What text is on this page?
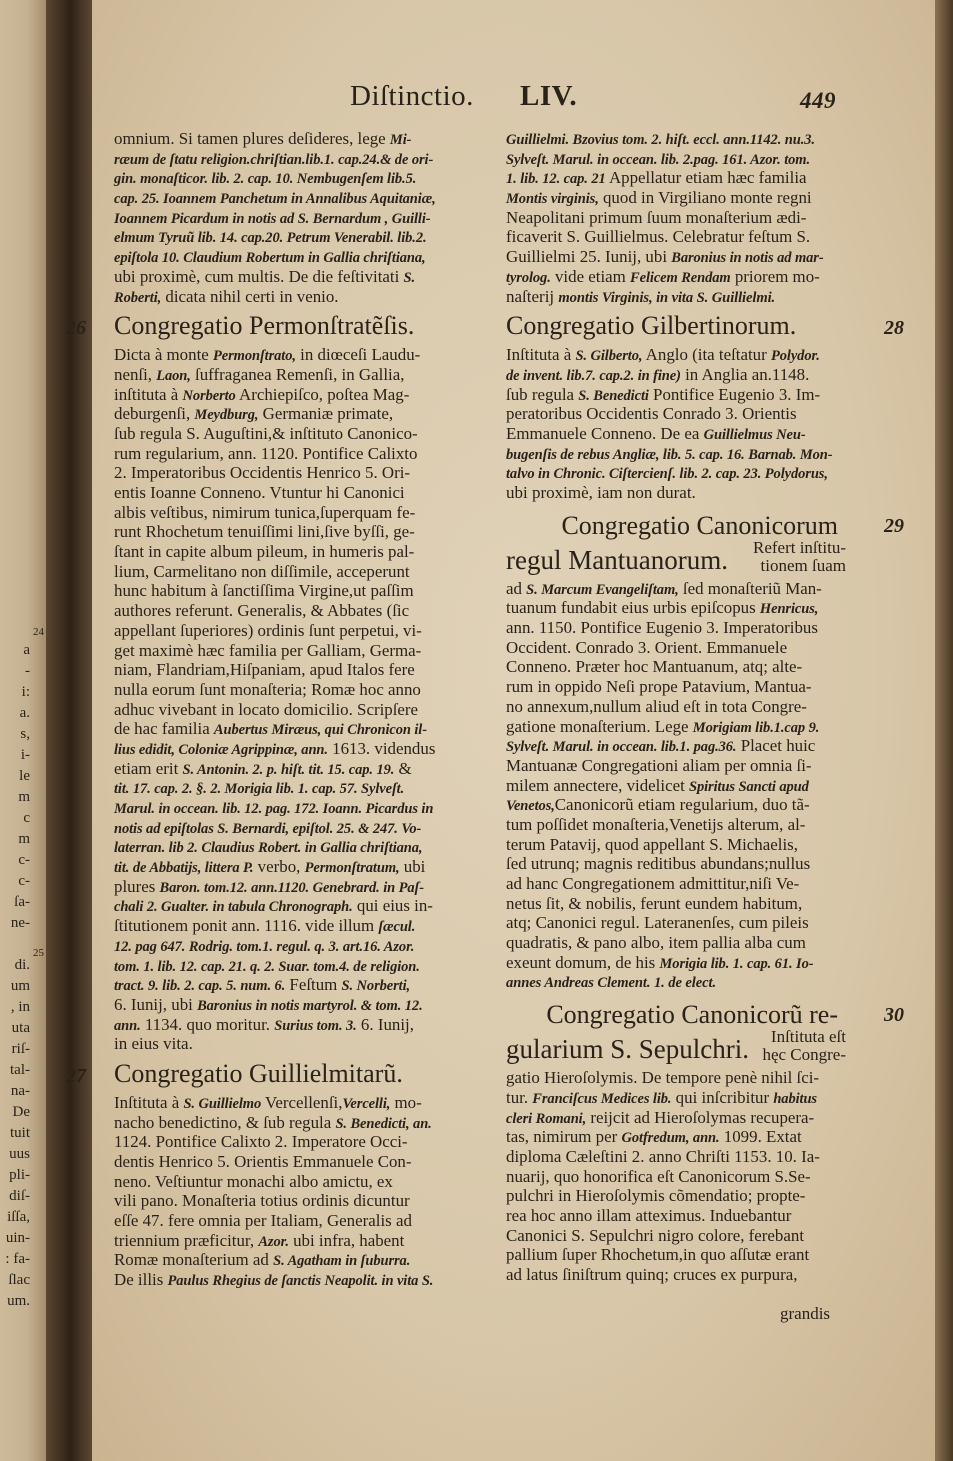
24
25
a
-
i:
a.
s,
i-
le
m
c
m
c-
c-
ſa-
ne-
di.
um
, in
uta
riſ-
tal-
na-
De
tuit
uus
pli-
diſ-
iſſa,
uin-
: fa-
ſlac
um.
Diſtinctio. LIV.	449
omnium. Si tamen plures deſideres, lege Mi-
ræum de ſtatu religion.chriſtian.lib.1. cap.24.& de ori-
gin. monaſticor. lib. 2. cap. 10. Nembugenſem lib.5.
cap. 25. Ioannem Panchetum in Annalibus Aquitaniæ,
Ioannem Picardum in notis ad S. Bernardum , Guilli-
elmum Tyruũ lib. 14. cap.20. Petrum Venerabil. lib.2.
epiſtola 10. Claudium Robertum in Gallia chriſtiana,
ubi proximè, cum multis. De die feſtivitati S.
Roberti, dicata nihil certi in venio.
Congregatio Permonſtratẽſis.
26
Dicta à monte Permonſtrato, in diœceſi Laudu-
nenſi, Laon, ſuffraganea Remenſi, in Gallia,
inſtituta à Norberto Archiepiſco, poſtea Mag-
deburgenſi, Meydburg, Germaniæ primate,
ſub regula S. Auguſtini,& inſtituto Canonico-
rum regularium, ann. 1120. Pontifice Calixto
2. Imperatoribus Occidentis Henrico 5. Ori-
entis Ioanne Conneno. Vtuntur hi Canonici
albis veſtibus, nimirum tunica,ſuperquam fe-
runt Rhochetum tenuiſſimi lini,ſive byſſi, ge-
ſtant in capite album pileum, in humeris pal-
lium, Carmelitano non diſſimile, acceperunt
hunc habitum à ſanctiſſima Virgine,ut paſſim
authores referunt. Generalis, & Abbates (ſic
appellant ſuperiores) ordinis ſunt perpetui, vi-
get maximè hæc familia per Galliam, Germa-
niam, Flandriam,Hiſpaniam, apud Italos fere
nulla eorum ſunt monaſteria; Romæ hoc anno
adhuc vivebant in locato domicilio. Scripſere
de hac familia Aubertus Miræus, qui Chronicon il-
lius edidit, Coloniæ Agrippinæ, ann. 1613. videndus
etiam erit S. Antonin. 2. p. hiſt. tit. 15. cap. 19. &
tit. 17. cap. 2. §. 2. Morigia lib. 1. cap. 57. Sylveſt.
Marul. in occean. lib. 12. pag. 172. Ioann. Picardus in
notis ad epiſtolas S. Bernardi, epiſtol. 25. & 247. Vo-
laterran. lib 2. Claudius Robert. in Gallia chriſtiana,
tit. de Abbatijs, littera P. verbo, Permonſtratum, ubi
plures Baron. tom.12. ann.1120. Genebrard. in Paſ-
chali 2. Gualter. in tabula Chronograph. qui eius in-
ſtitutionem ponit ann. 1116. vide illum ſæcul.
12. pag 647. Rodrig. tom.1. regul. q. 3. art.16. Azor.
tom. 1. lib. 12. cap. 21. q. 2. Suar. tom.4. de religion.
tract. 9. lib. 2. cap. 5. num. 6. Feſtum S. Norberti,
6. Iunij, ubi Baronius in notis martyrol. & tom. 12.
ann. 1134. quo moritur. Surius tom. 3. 6. Iunij,
in eius vita.
Congregatio Guillielmitarũ.
27
Inſtituta à S. Guillielmo Vercellenſi,Vercelli, mo-
nacho benedictino, & ſub regula S. Benedicti, an.
1124. Pontifice Calixto 2. Imperatore Occi-
dentis Henrico 5. Orientis Emmanuele Con-
neno. Veſtiuntur monachi albo amictu, ex
vili pano. Monaſteria totius ordinis dicuntur
eſſe 47. fere omnia per Italiam, Generalis ad
triennium præficitur, Azor. ubi infra, habent
Romæ monaſterium ad S. Agatham in ſuburra.
De illis Paulus Rhegius de ſanctis Neapolit. in vita S.
Guillielmi. Bzovius tom. 2. hiſt. eccl. ann.1142. nu.3.
Sylveſt. Marul. in occean. lib. 2.pag. 161. Azor. tom.
1. lib. 12. cap. 21 Appellatur etiam hæc familia
Montis virginis, quod in Virgiliano monte regni
Neapolitani primum ſuum monaſterium ædi-
ficaverit S. Guillielmus. Celebratur feſtum S.
Guillielmi 25. Iunij, ubi Baronius in notis ad mar-
tyrolog. vide etiam Felicem Rendam priorem mo-
naſterij montis Virginis, in vita S. Guillielmi.
Congregatio Gilbertinorum.	28
Inſtituta à S. Gilberto, Anglo (ita teſtatur Polydor.
de invent. lib.7. cap.2. in fine) in Anglia an.1148.
ſub regula S. Benedicti Pontifice Eugenio 3. Im-
peratoribus Occidentis Conrado 3. Orientis
Emmanuele Conneno. De ea Guillielmus Neu-
bugenſis de rebus Angliæ, lib. 5. cap. 16. Barnab. Mon-
talvo in Chronic. Ciſtercienſ. lib. 2. cap. 23. Polydorus,
ubi proximè, iam non durat.
Congregatio Canonicorum
regul Mantuanorum.	Refert inſtitu-
tionem ſuam
29
ad S. Marcum Evangeliſtam, ſed monaſteriũ Man-
tuanum fundabit eius urbis epiſcopus Henricus,
ann. 1150. Pontifice Eugenio 3. Imperatoribus
Occident. Conrado 3. Orient. Emmanuele
Conneno. Præter hoc Mantuanum, atq; alte-
rum in oppido Neſi prope Patavium, Mantua-
no annexum,nullum aliud eſt in tota Congre-
gatione monaſterium. Lege Morigiam lib.1.cap 9.
Sylveſt. Marul. in occean. lib.1. pag.36. Placet huic
Mantuanæ Congregationi aliam per omnia ſi-
milem annectere, videlicet Spiritus Sancti apud
Venetos,Canonicorũ etiam regularium, duo tã-
tum poſſidet monaſteria,Venetijs alterum, al-
terum Patavij, quod appellant S. Michaelis,
ſed utrunq; magnis reditibus abundans;nullus
ad hanc Congregationem admittitur,niſi Ve-
netus ſit, & nobilis, ferunt eundem habitum,
atq; Canonici regul. Lateranenſes, cum pileis
quadratis, & pano albo, item pallia alba cum
exeunt domum, de his Morigia lib. 1. cap. 61. Io-
annes Andreas Clement. 1. de elect.
Congregatio Canonicorũ re-
gularium S. Sepulchri.	Inſtituta eſt
hęc Congre-
30
gatio Hieroſolymis. De tempore penè nihil ſci-
tur. Franciſcus Medices lib. qui inſcribitur habitus
cleri Romani, reijcit ad Hieroſolymas recupera-
tas, nimirum per Gotfredum, ann. 1099. Extat
diploma Cæleſtini 2. anno Chriſti 1153. 10. Ia-
nuarij, quo honorifica eſt Canonicorum S.Se-
pulchri in Hieroſolymis cõmendatio; propte-
rea hoc anno illam atteximus. Induebantur
Canonici S. Sepulchri nigro colore, ferebant
pallium ſuper Rhochetum,in quo aſſutæ erant
ad latus ſiniſtrum quinq; cruces ex purpura,
grandis
